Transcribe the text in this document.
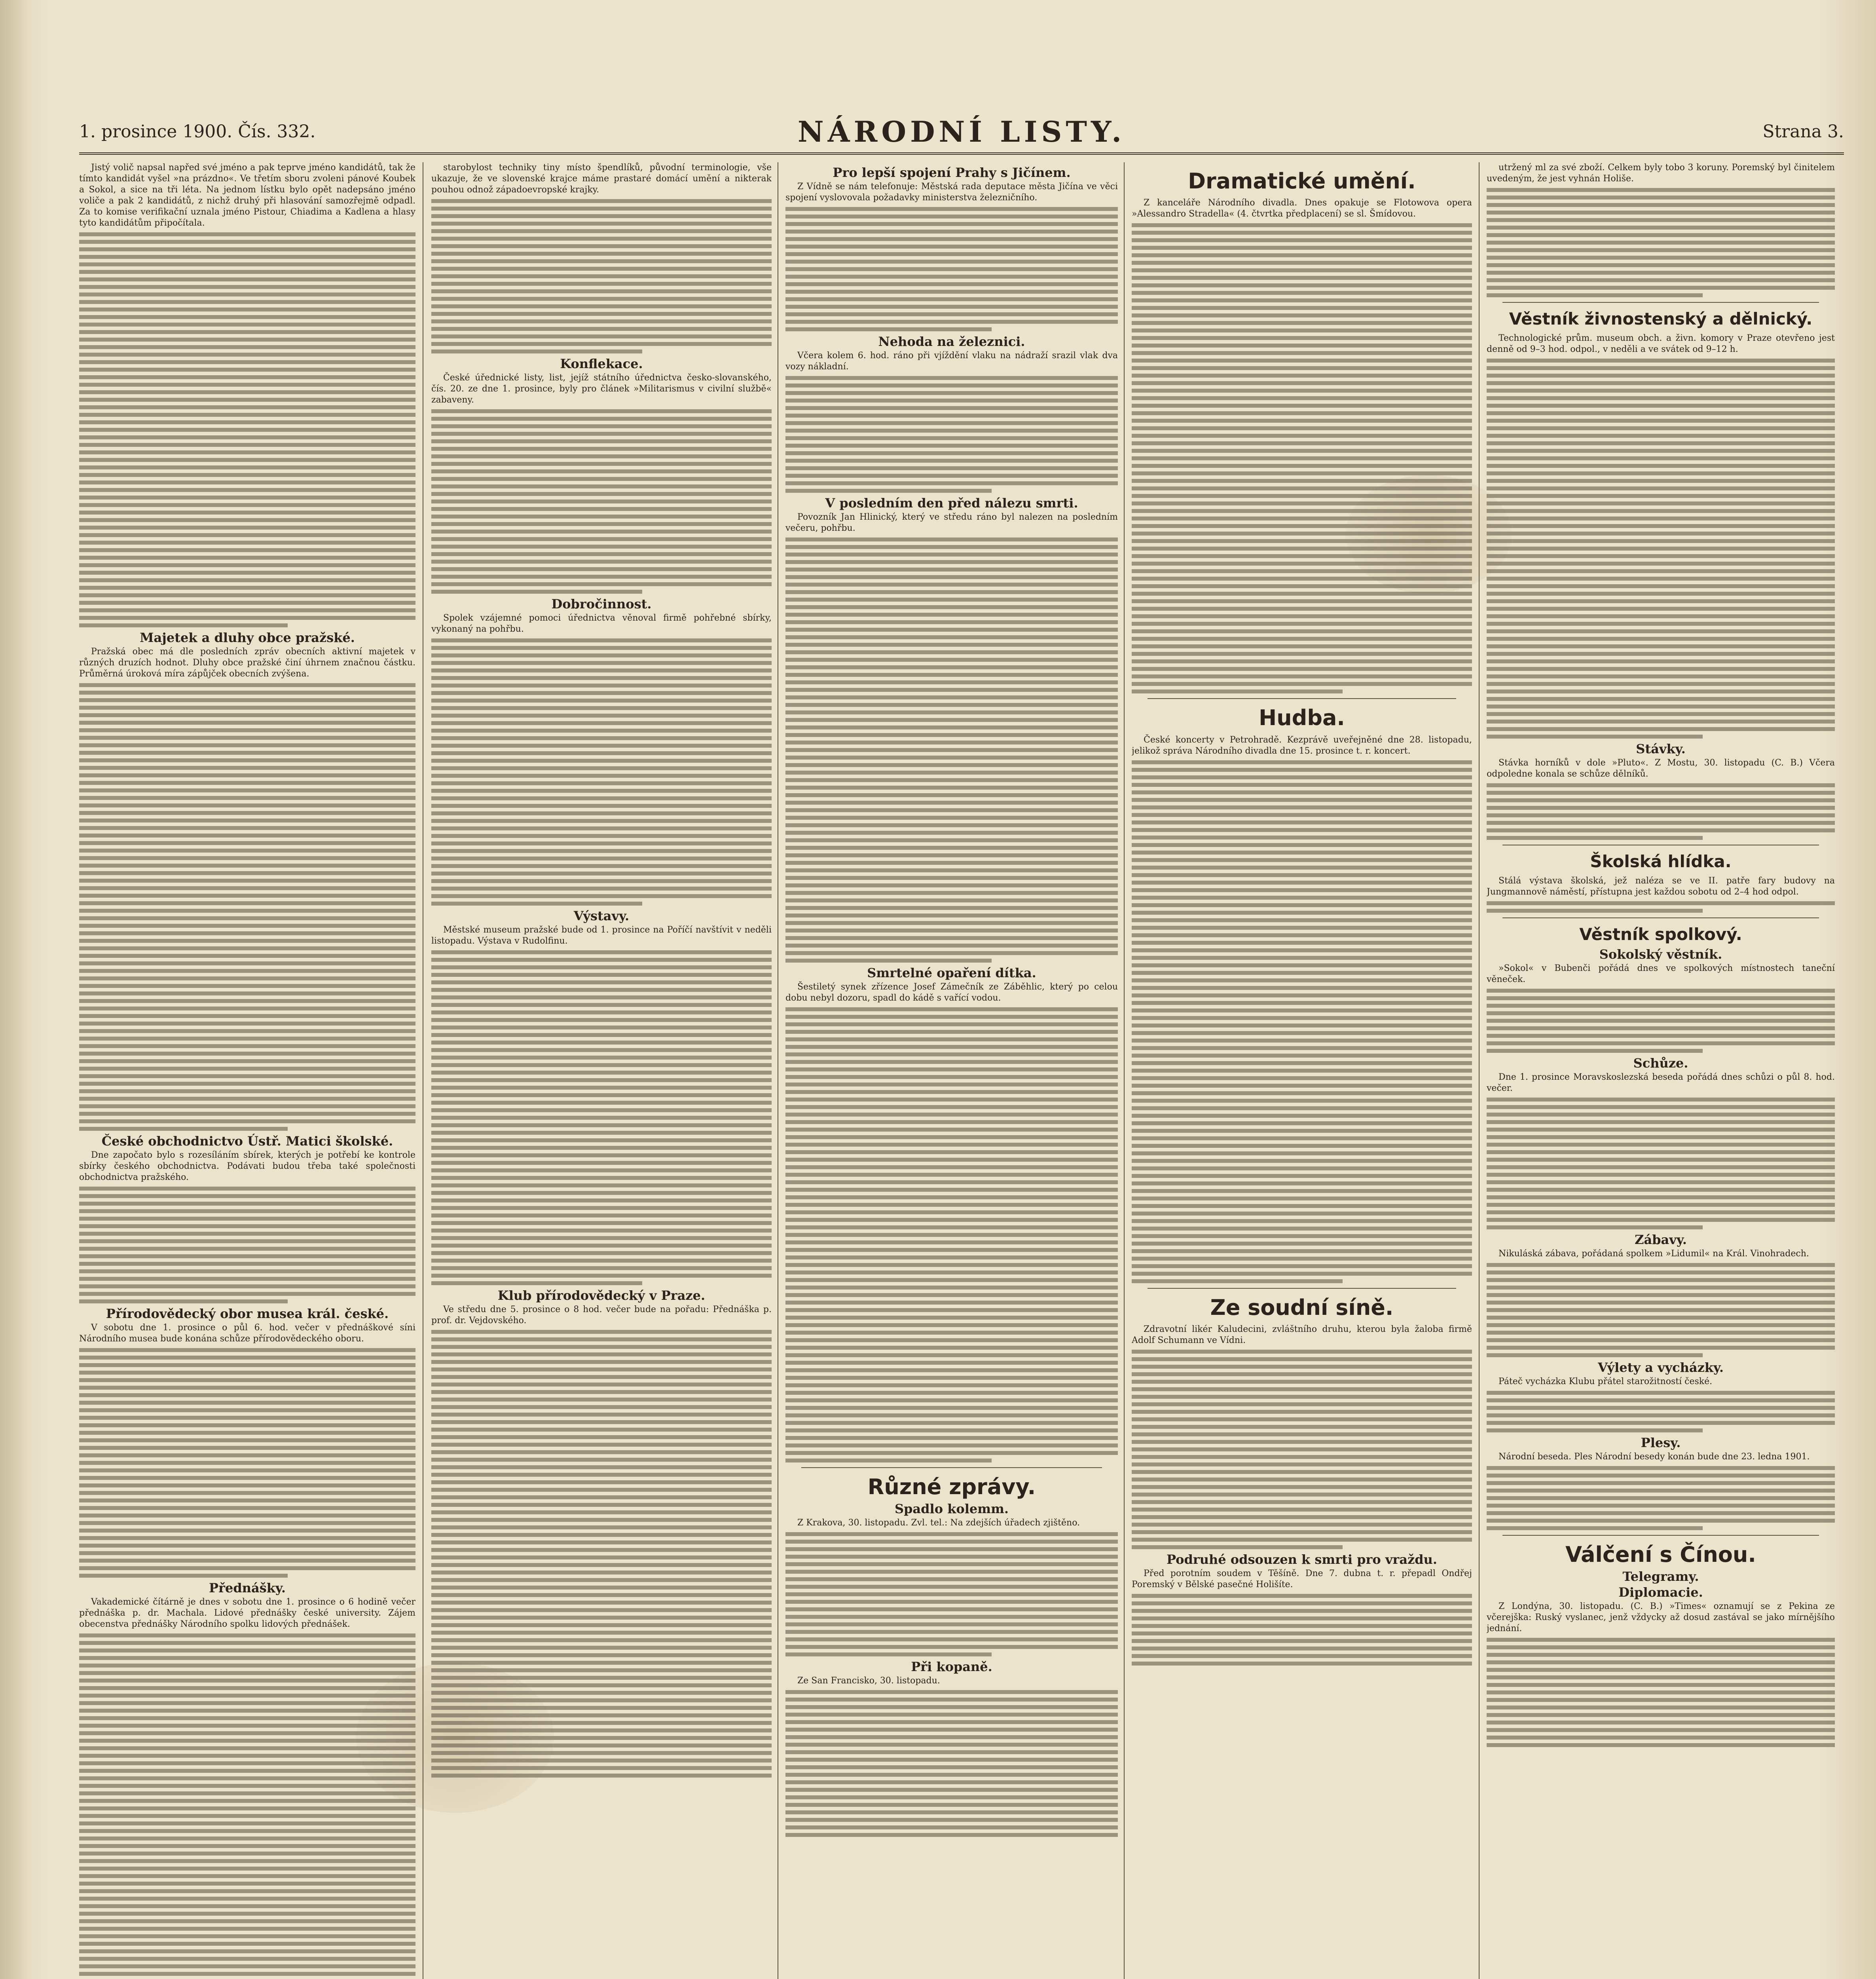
1. prosince 1900. Čís. 332.	NÁRODNÍ LISTY.	Strana 3.

Jistý volič napsal napřed své jméno a pak teprve jméno kandidátů, tak že tímto kandidát vyšel »na prázdno«. Ve třetím sboru zvoleni pánové Koubek a Sokol, a sice na tři léta. Na jednom lístku bylo opět nadepsáno jméno voliče a pak 2 kandidátů, z nichž druhý při hlasování samozřejmě odpadl. Za to komise verifikační uznala jméno Pistour, Chiadima a Kadlena a hlasy tyto kandidátům připočítala.

Majetek a dluhy obce pražské.

Pražská obec má dle posledních zpráv obecních aktivní majetek v různých druzích hodnot. Dluhy obce pražské činí úhrnem značnou částku. Průměrná úroková míra zápůjček obecních zvýšena.

České obchodnictvo Ústř. Matici školské.

Dne započato bylo s rozesíláním sbírek, kterých je potřebí ke kontrole sbírky českého obchodnictva. Podávati budou třeba také společnosti obchodnictva pražského.

Přírodovědecký obor musea král. české.

V sobotu dne 1. prosince o půl 6. hod. večer v přednáškové síni Národního musea bude konána schůze přírodovědeckého oboru.

Přednášky.

Vakademické čítárně je dnes v sobotu dne 1. prosince o 6 hodině večer přednáška p. dr. Machala. Lidové přednášky české university. Zájem obecenstva přednášky Národního spolku lidových přednášek.

starobylost techniky tiny místo špendlíků, původní terminologie, vše ukazuje, že ve slovenské krajce máme prastaré domácí umění a nikterak pouhou odnož západoevropské krajky.

Konflekace.

České úřednické listy, list, jejíž státního úřednictva česko-slovanského, čís. 20. ze dne 1. prosince, byly pro článek »Militarismus v civilní službě« zabaveny.

Dobročinnost.

Spolek vzájemné pomoci úřednictva věnoval firmě pohřebné sbírky, vykonaný na pohřbu.

Výstavy.

Městské museum pražské bude od 1. prosince na Poříčí navštívit v neděli listopadu. Výstava v Rudolfinu.

Klub přírodovědecký v Praze.

Ve středu dne 5. prosince o 8 hod. večer bude na pořadu: Přednáška p. prof. dr. Vejdovského.

Pro lepší spojení Prahy s Jičínem.

Z Vídně se nám telefonuje: Městská rada deputace města Jičína ve věci spojení vyslovovala požadavky ministerstva železničního.

Nehoda na železnici.

Včera kolem 6. hod. ráno při vjíždění vlaku na nádraží srazil vlak dva vozy nákladní.

V posledním den před nálezu smrti.

Povozník Jan Hlinický, který ve středu ráno byl nalezen na posledním večeru, pohřbu.

Smrtelné opaření dítka.

Šestiletý synek zřízence Josef Zámečník ze Záběhlic, který po celou dobu nebyl dozoru, spadl do kádě s vařící vodou.

Různé zprávy.
Spadlo kolemm.

Z Krakova, 30. listopadu. Zvl. tel.: Na zdejších úřadech zjištěno.

Při kopaně.

Ze San Francisko, 30. listopadu.

Dramatické umění.

Z kanceláře Národního divadla. Dnes opakuje se Flotowova opera »Alessandro Stradella« (4. čtvrtka předplacení) se sl. Šmídovou.

Hudba.

České koncerty v Petrohradě. Kezprávě uveřejněné dne 28. listopadu, jelikož správa Národního divadla dne 15. prosince t. r. koncert.

Ze soudní síně.

Zdravotní likér Kaludecini, zvláštního druhu, kterou byla žaloba firmě Adolf Schumann ve Vídni.

Podruhé odsouzen k smrti pro vraždu.

Před porotním soudem v Těšíně. Dne 7. dubna t. r. přepadl Ondřej Poremský v Bělské pasečné Holišíte.

utržený ml za své zboží. Celkem byly tobo 3 koruny. Poremský byl činitelem uvedeným, že jest vyhnán Holiše.

Věstník živnostenský a dělnický.

Technologické prům. museum obch. a živn. komory v Praze otevřeno jest denně od 9–3 hod. odpol., v neděli a ve svátek od 9–12 h.

Stávky.

Stávka horníků v dole »Pluto«. Z Mostu, 30. listopadu (C. B.) Včera odpoledne konala se schůze dělníků.

Školská hlídka.

Stálá výstava školská, jež naléza se ve II. patře fary budovy na Jungmannově náměstí, přístupna jest každou sobotu od 2–4 hod odpol.

Věstník spolkový.
Sokolský věstník.

»Sokol« v Bubenči pořádá dnes ve spolkových místnostech taneční věneček.

Schůze.

Dne 1. prosince Moravskoslezská beseda pořádá dnes schůzi o půl 8. hod. večer.

Zábavy.

Nikuláská zábava, pořádaná spolkem »Lidumil« na Král. Vinohradech.

Výlety a vycházky.

Páteč vycházka Klubu přátel starožitností české.

Plesy.

Národní beseda. Ples Národní besedy konán bude dne 23. ledna 1901.

Válčení s Čínou.
Telegramy.
Diplomacie.

Z Londýna, 30. listopadu. (C. B.) »Times« oznamují se z Pekina ze včerejška: Ruský vyslanec, jenž vždycky až dosud zastával se jako mírnějšího jednání.
